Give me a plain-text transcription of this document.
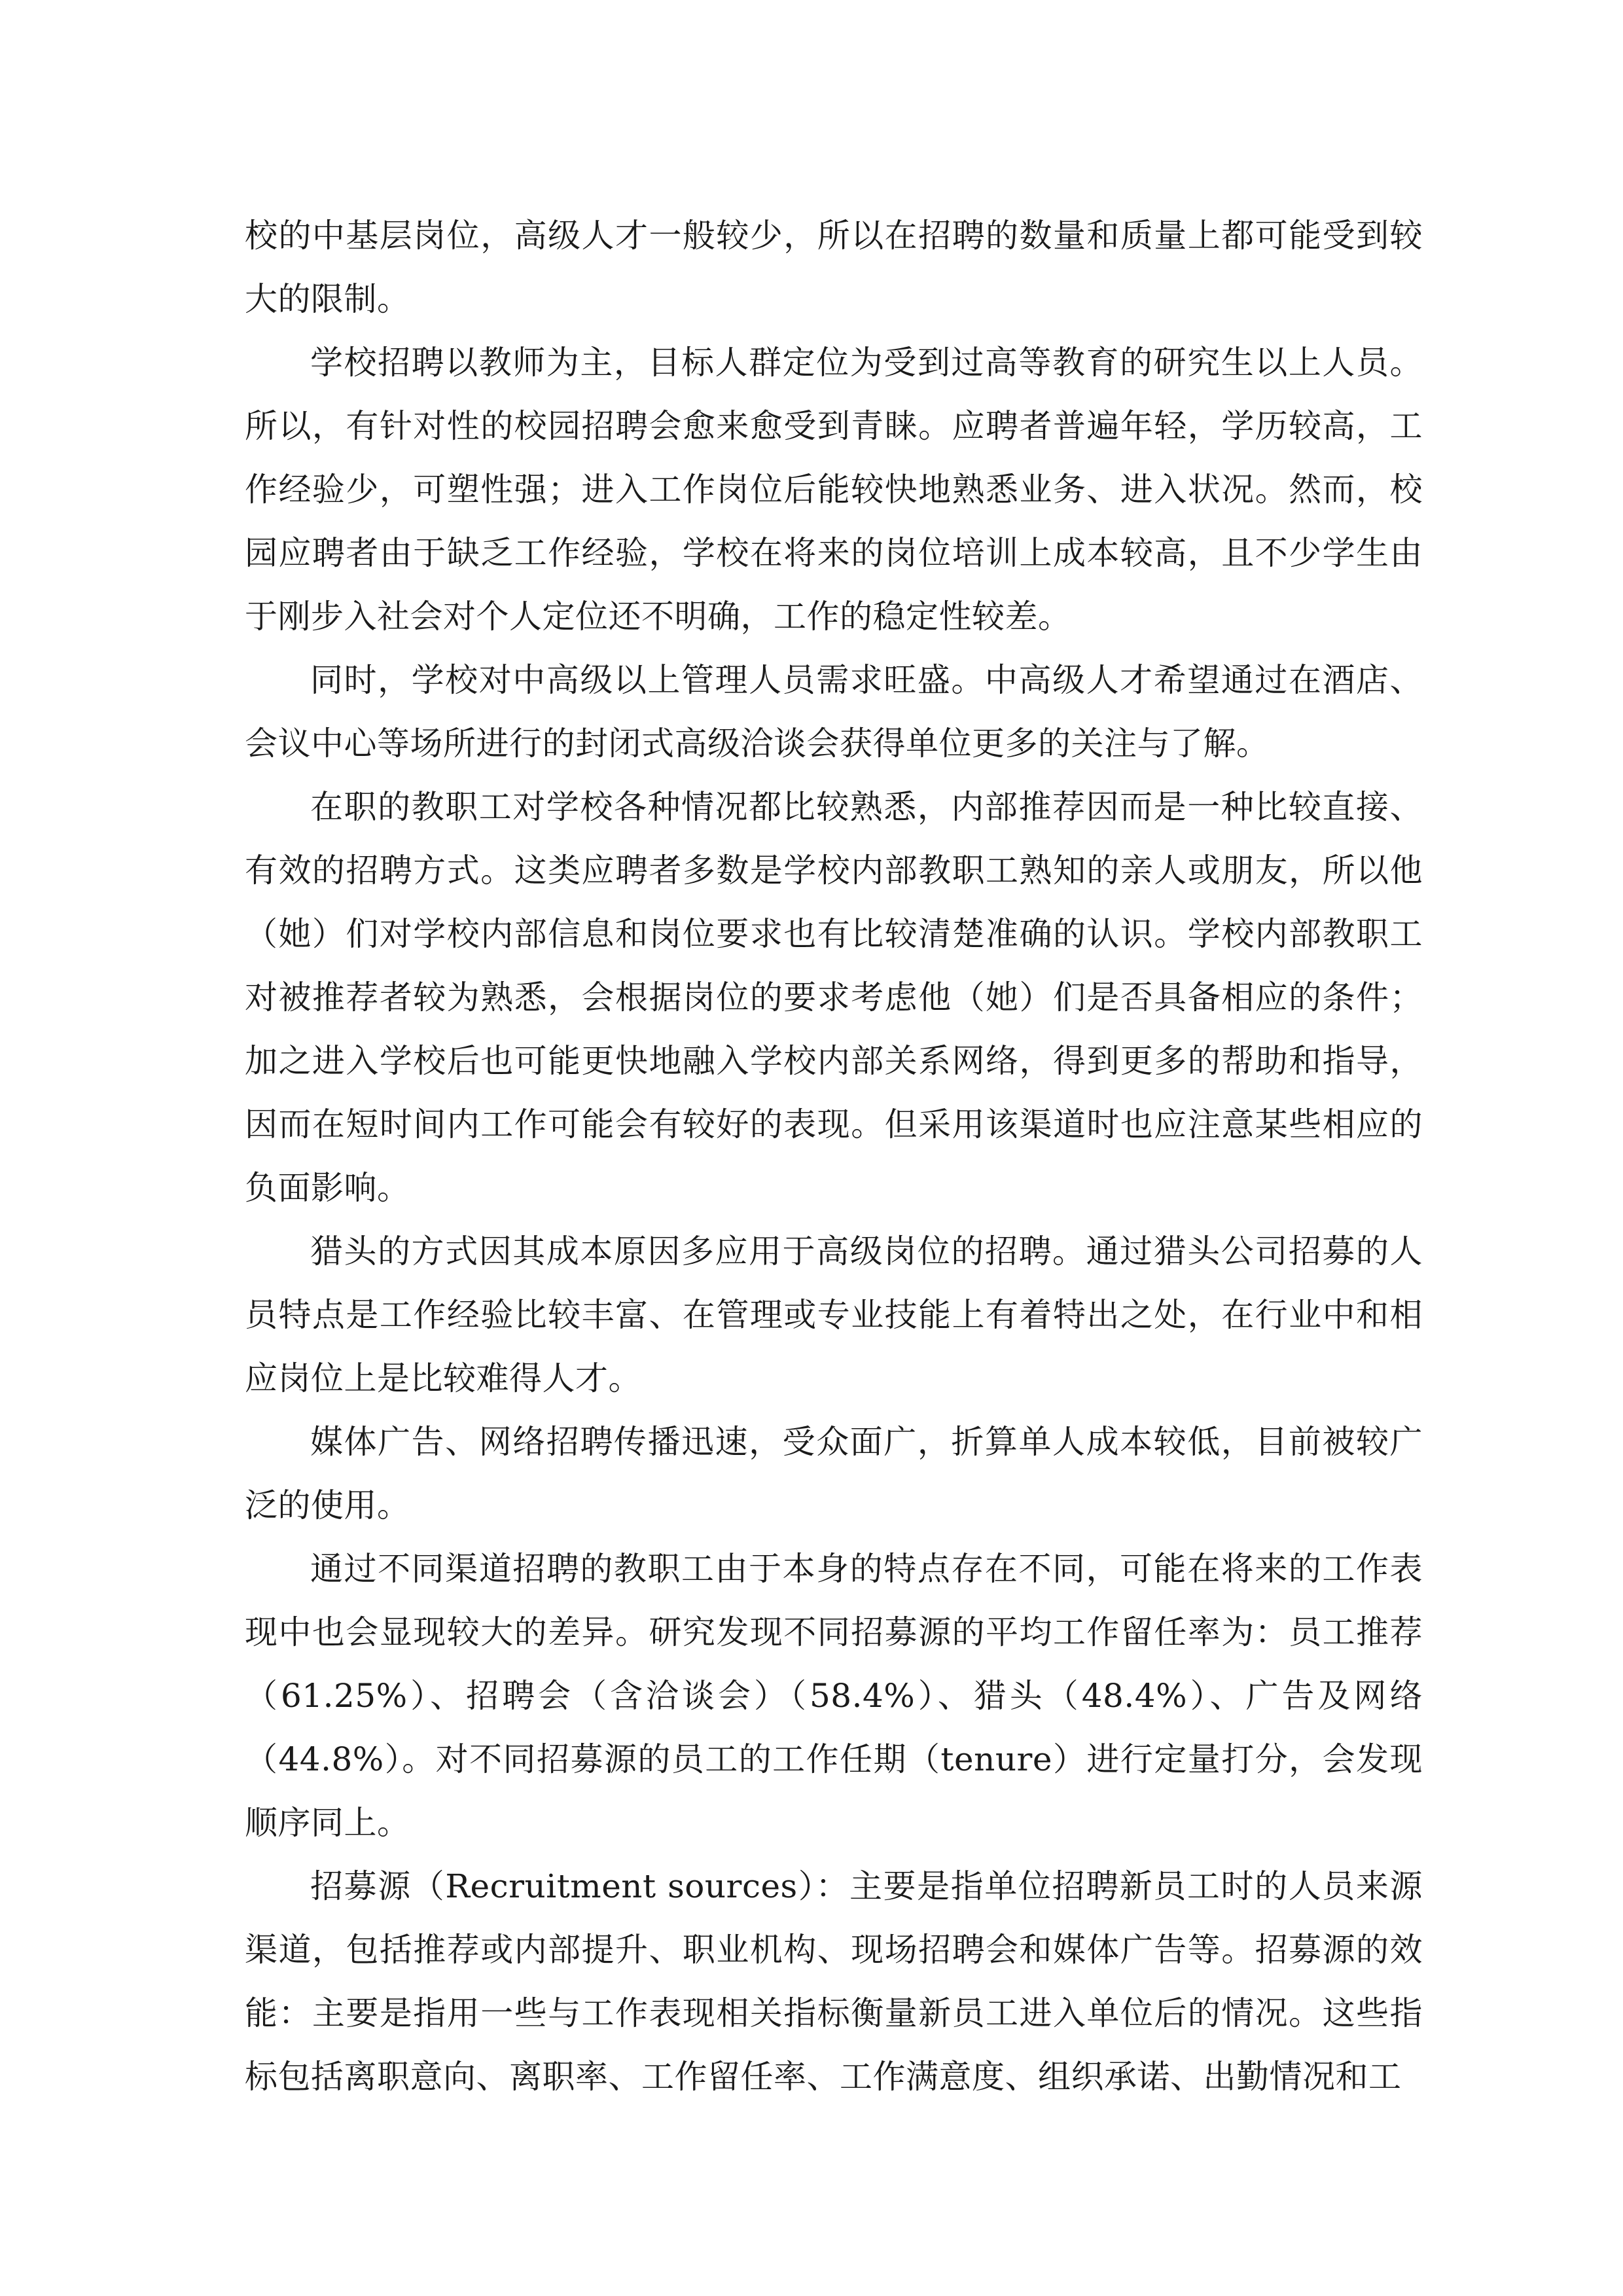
校的中基层岗位，高级人才一般较少，所以在招聘的数量和质量上都可能受到较大的限制。

学校招聘以教师为主，目标人群定位为受到过高等教育的研究生以上人员。所以，有针对性的校园招聘会愈来愈受到青睐。应聘者普遍年轻，学历较高，工作经验少，可塑性强；进入工作岗位后能较快地熟悉业务、进入状况。然而，校园应聘者由于缺乏工作经验，学校在将来的岗位培训上成本较高，且不少学生由于刚步入社会对个人定位还不明确，工作的稳定性较差。

同时，学校对中高级以上管理人员需求旺盛。中高级人才希望通过在酒店、会议中心等场所进行的封闭式高级洽谈会获得单位更多的关注与了解。

在职的教职工对学校各种情况都比较熟悉，内部推荐因而是一种比较直接、有效的招聘方式。这类应聘者多数是学校内部教职工熟知的亲人或朋友，所以他（她）们对学校内部信息和岗位要求也有比较清楚准确的认识。学校内部教职工对被推荐者较为熟悉，会根据岗位的要求考虑他（她）们是否具备相应的条件；加之进入学校后也可能更快地融入学校内部关系网络，得到更多的帮助和指导，因而在短时间内工作可能会有较好的表现。但采用该渠道时也应注意某些相应的负面影响。

猎头的方式因其成本原因多应用于高级岗位的招聘。通过猎头公司招募的人员特点是工作经验比较丰富、在管理或专业技能上有着特出之处，在行业中和相应岗位上是比较难得人才。

媒体广告、网络招聘传播迅速，受众面广，折算单人成本较低，目前被较广泛的使用。

通过不同渠道招聘的教职工由于本身的特点存在不同，可能在将来的工作表现中也会显现较大的差异。研究发现不同招募源的平均工作留任率为：员工推荐（61.25%）、招聘会（含洽谈会）（58.4%）、猎头（48.4%）、广告及网络（44.8%）。对不同招募源的员工的工作任期（tenure）进行定量打分，会发现顺序同上。

招募源（Recruitment sources）：主要是指单位招聘新员工时的人员来源渠道，包括推荐或内部提升、职业机构、现场招聘会和媒体广告等。招募源的效能：主要是指用一些与工作表现相关指标衡量新员工进入单位后的情况。这些指标包括离职意向、离职率、工作留任率、工作满意度、组织承诺、出勤情况和工
